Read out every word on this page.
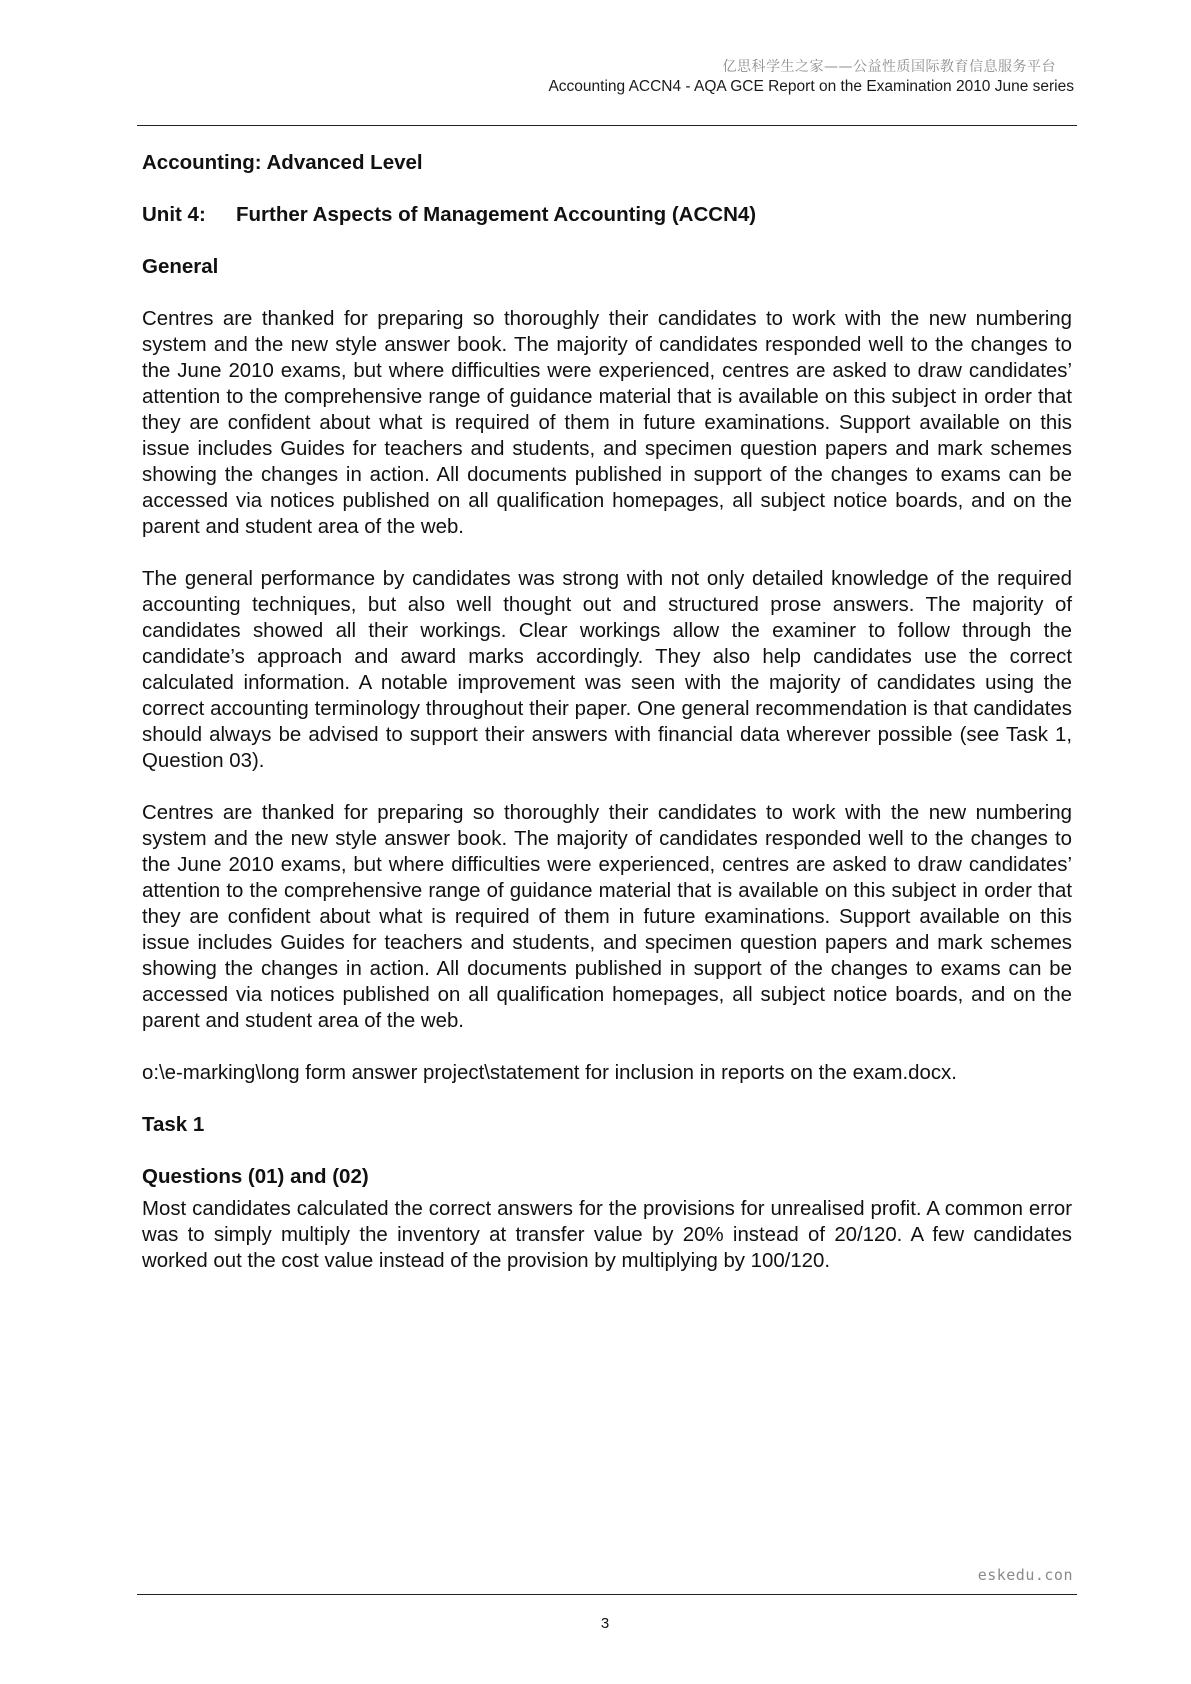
亿思科学生之家——公益性质国际教育信息服务平台
Accounting ACCN4 - AQA GCE Report on the Examination 2010 June series
Accounting: Advanced Level
Unit 4: Further Aspects of Management Accounting (ACCN4)
General

Centres are thanked for preparing so thoroughly their candidates to work with the new numbering system and the new style answer book. The majority of candidates responded well to the changes to the June 2010 exams, but where difficulties were experienced, centres are asked to draw candidates’ attention to the comprehensive range of guidance material that is available on this subject in order that they are confident about what is required of them in future examinations. Support available on this issue includes Guides for teachers and students, and specimen question papers and mark schemes showing the changes in action. All documents published in support of the changes to exams can be accessed via notices published on all qualification homepages, all subject notice boards, and on the parent and student area of the web.

The general performance by candidates was strong with not only detailed knowledge of the required accounting techniques, but also well thought out and structured prose answers. The majority of candidates showed all their workings. Clear workings allow the examiner to follow through the candidate’s approach and award marks accordingly. They also help candidates use the correct calculated information. A notable improvement was seen with the majority of candidates using the correct accounting terminology throughout their paper. One general recommendation is that candidates should always be advised to support their answers with financial data wherever possible (see Task 1, Question 03).

Centres are thanked for preparing so thoroughly their candidates to work with the new numbering system and the new style answer book. The majority of candidates responded well to the changes to the June 2010 exams, but where difficulties were experienced, centres are asked to draw candidates’ attention to the comprehensive range of guidance material that is available on this subject in order that they are confident about what is required of them in future examinations. Support available on this issue includes Guides for teachers and students, and specimen question papers and mark schemes showing the changes in action. All documents published in support of the changes to exams can be accessed via notices published on all qualification homepages, all subject notice boards, and on the parent and student area of the web.

o:\e-marking\long form answer project\statement for inclusion in reports on the exam.docx.

Task 1
Questions (01) and (02)

Most candidates calculated the correct answers for the provisions for unrealised profit. A common error was to simply multiply the inventory at transfer value by 20% instead of 20/120. A few candidates worked out the cost value instead of the provision by multiplying by 100/120.

eskedu.con
3
